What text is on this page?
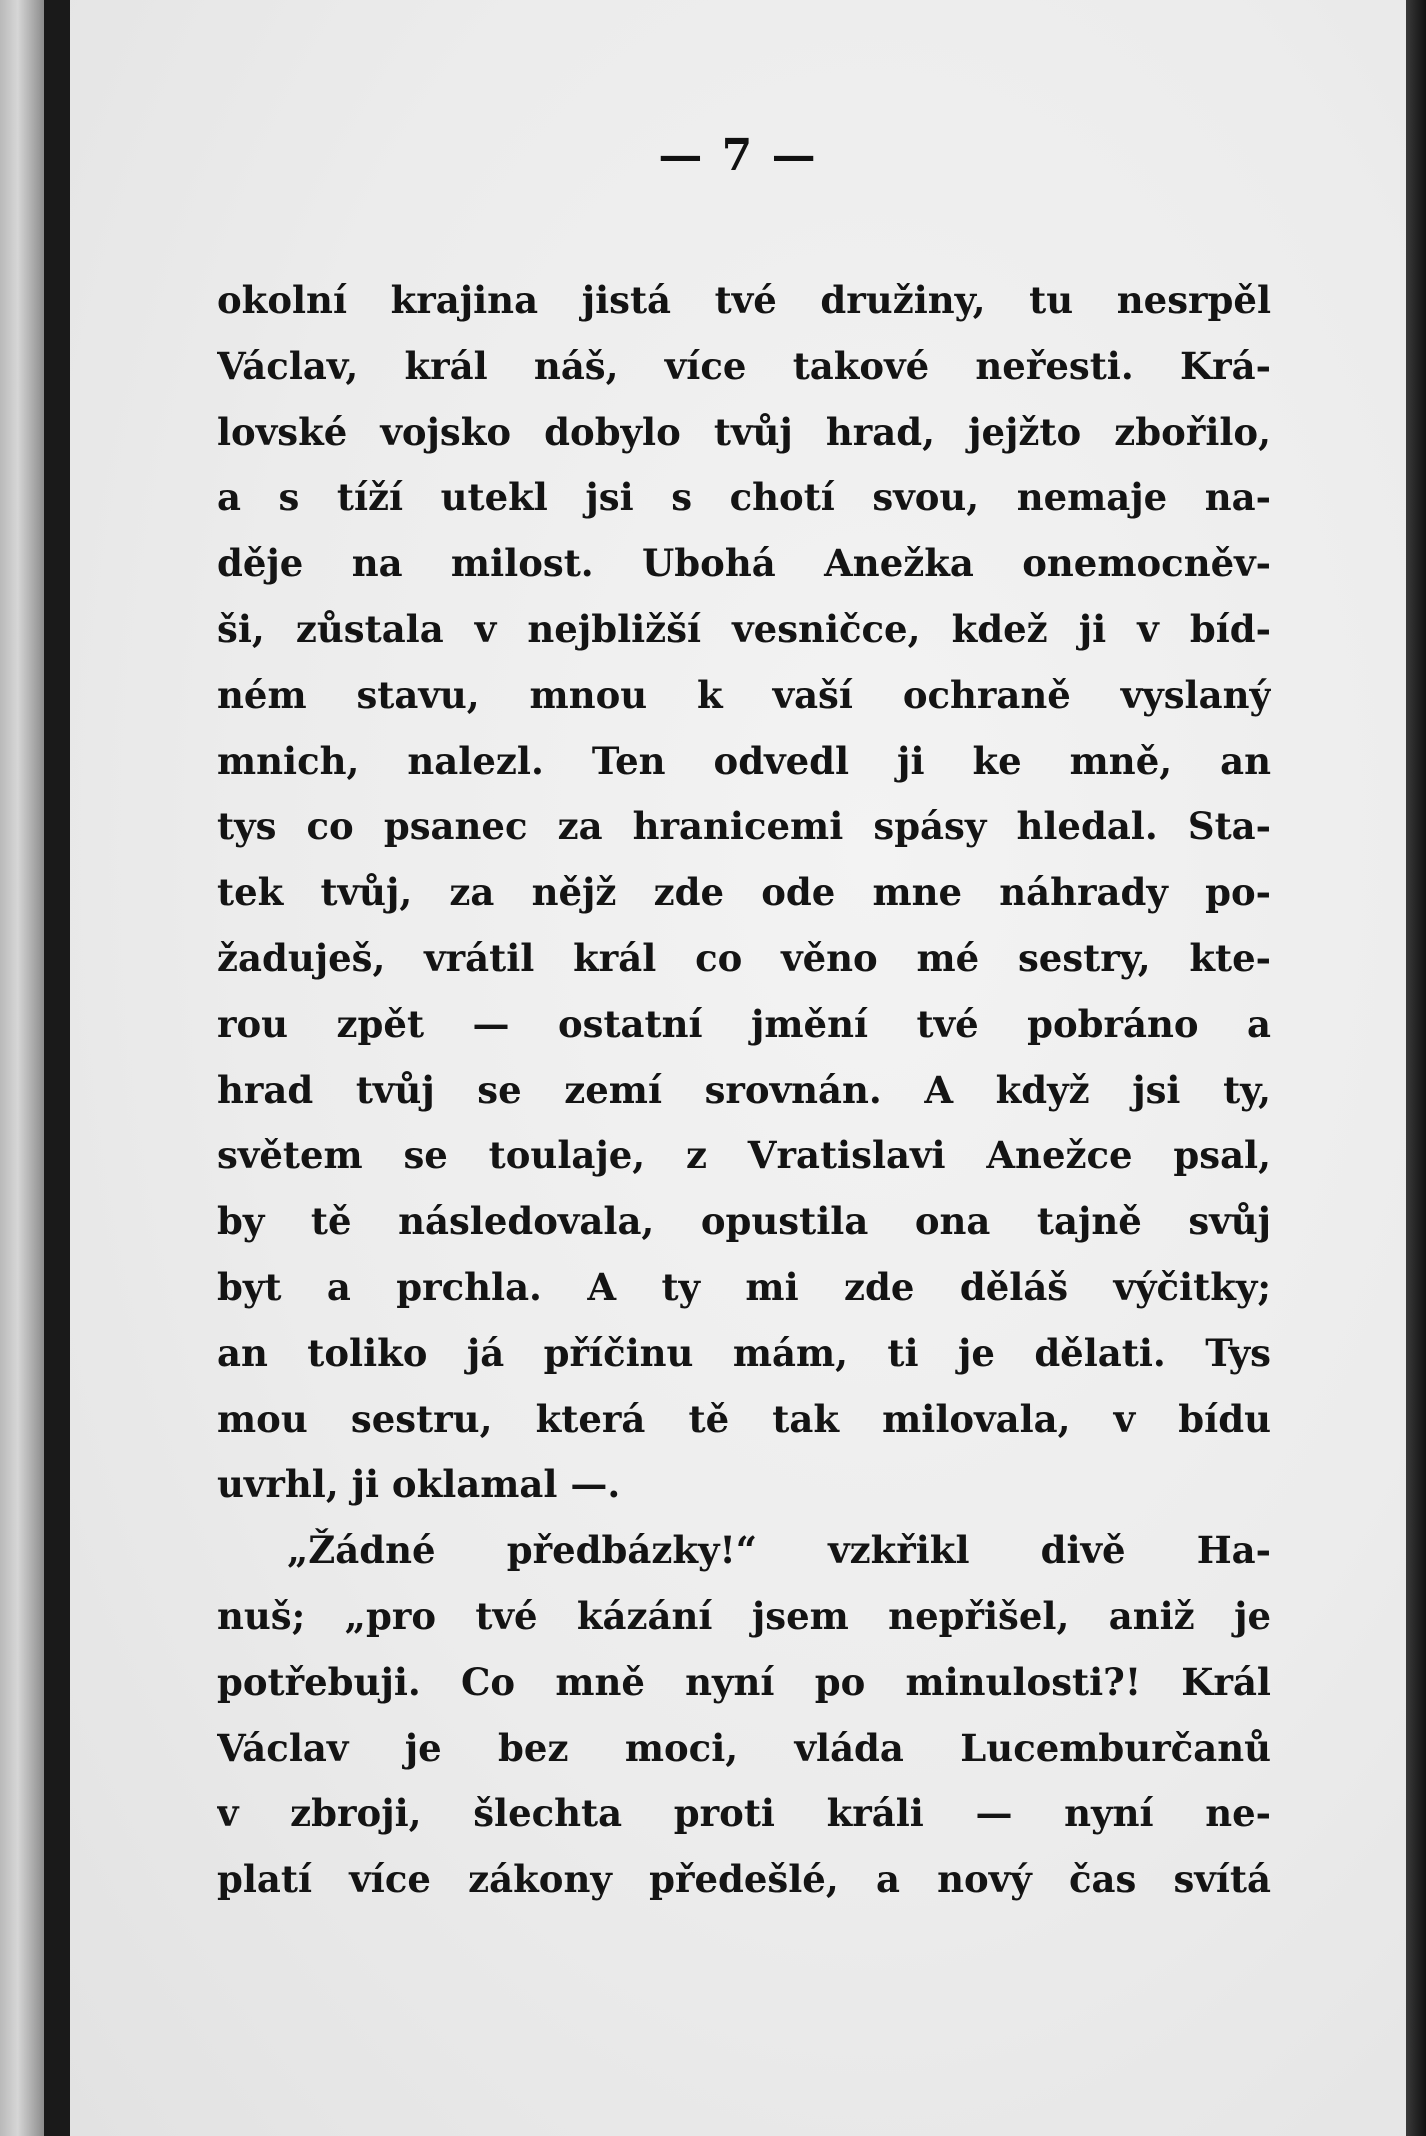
— 7 —
okolní krajina jistá tvé družiny, tu nesrpěl
Václav, král náš, více takové neřesti. Krá-
lovské vojsko dobylo tvůj hrad, jejžto zbořilo,
a s tíží utekl jsi s chotí svou, nemaje na-
děje na milost. Ubohá Anežka onemocněv-
ši, zůstala v nejbližší vesničce, kdež ji v bíd-
ném stavu, mnou k vaší ochraně vyslaný
mnich, nalezl. Ten odvedl ji ke mně, an
tys co psanec za hranicemi spásy hledal. Sta-
tek tvůj, za nějž zde ode mne náhrady po-
žaduješ, vrátil král co věno mé sestry, kte-
rou zpět — ostatní jmění tvé pobráno a
hrad tvůj se zemí srovnán. A když jsi ty,
světem se toulaje, z Vratislavi Anežce psal,
by tě následovala, opustila ona tajně svůj
byt a prchla. A ty mi zde děláš výčitky;
an toliko já příčinu mám, ti je dělati. Tys
mou sestru, která tě tak milovala, v bídu
uvrhl, ji oklamal —.
„Žádné předbázky!“ vzkřikl divě Ha-
nuš; „pro tvé kázání jsem nepřišel, aniž je
potřebuji. Co mně nyní po minulosti?! Král
Václav je bez moci, vláda Lucemburčanů
v zbroji, šlechta proti králi — nyní ne-
platí více zákony předešlé, a nový čas svítá
